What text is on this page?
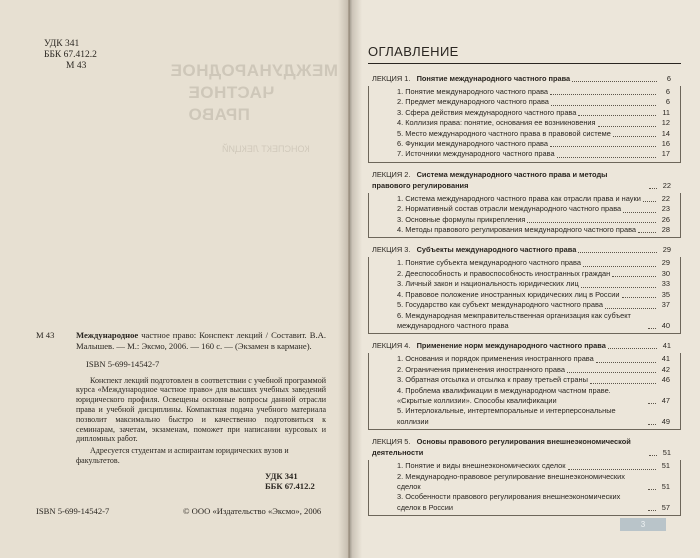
УДК 341
ББК 67.412.2
М 43	МЕЖДУНАРОДНОЕ
ЧАСТНОЕ ПРАВО
КОНСПЕКТ ЛЕКЦИЙ
М 43	Международное частное право: Конспект лекций / Составит. В.А. Малышев. — М.: Эксмо, 2006. — 160 с. — (Экзамен в кармане).
ISBN 5-699-14542-7
Конспект лекций подготовлен в соответствии с учебной программой курса «Международное частное право» для высших учебных заведений юридического профиля. Освещены основные вопросы данной отрасли права и учебной дисциплины. Компактная подача учебного материала позволит максимально быстро и качественно подготовиться к семинарам, зачетам, экзаменам, поможет при написании курсовых и дипломных работ.
Адресуется студентам и аспирантам юридических вузов и факультетов.
УДК 341
ББК 67.412.2
ISBN 5-699-14542-7	© ООО «Издательство «Эксмо», 2006
ОГЛАВЛЕНИЕ
ЛЕКЦИЯ 1. Понятие международного частного права	6
1. Понятие международного частного права	6
2. Предмет международного частного права	6
3. Сфера действия международного частного права	11
4. Коллизия права: понятие, основания ее возникновения	12
5. Место международного частного права в правовой системе	14
6. Функции международного частного права	16
7. Источники международного частного права	17
ЛЕКЦИЯ 2. Система международного частного права и методы правового регулирования	22
1. Система международного частного права как отрасли права и науки	22
2. Нормативный состав отрасли международного частного права	23
3. Основные формулы прикрепления	26
4. Методы правового регулирования международного частного права	28
ЛЕКЦИЯ 3. Субъекты международного частного права	29
1. Понятие субъекта международного частного права	29
2. Дееспособность и правоспособность иностранных граждан	30
3. Личный закон и национальность юридических лиц	33
4. Правовое положение иностранных юридических лиц в России	35
5. Государство как субъект международного частного права	37
6. Международная межправительственная организация как субъект международного частного права	40
ЛЕКЦИЯ 4. Применение норм международного частного права	41
1. Основания и порядок применения иностранного права	41
2. Ограничения применения иностранного права	42
3. Обратная отсылка и отсылка к праву третьей страны	46
4. Проблема квалификации в международном частном праве. «Скрытые коллизии». Способы квалификации	47
5. Интерлокальные, интертемпоральные и интерперсональные коллизии	49
ЛЕКЦИЯ 5. Основы правового регулирования внешнеэкономической деятельности	51
1. Понятие и виды внешнеэкономических сделок	51
2. Международно-правовое регулирование внешнеэкономических сделок	51
3. Особенности правового регулирования внешнеэкономических сделок в России	57
3
